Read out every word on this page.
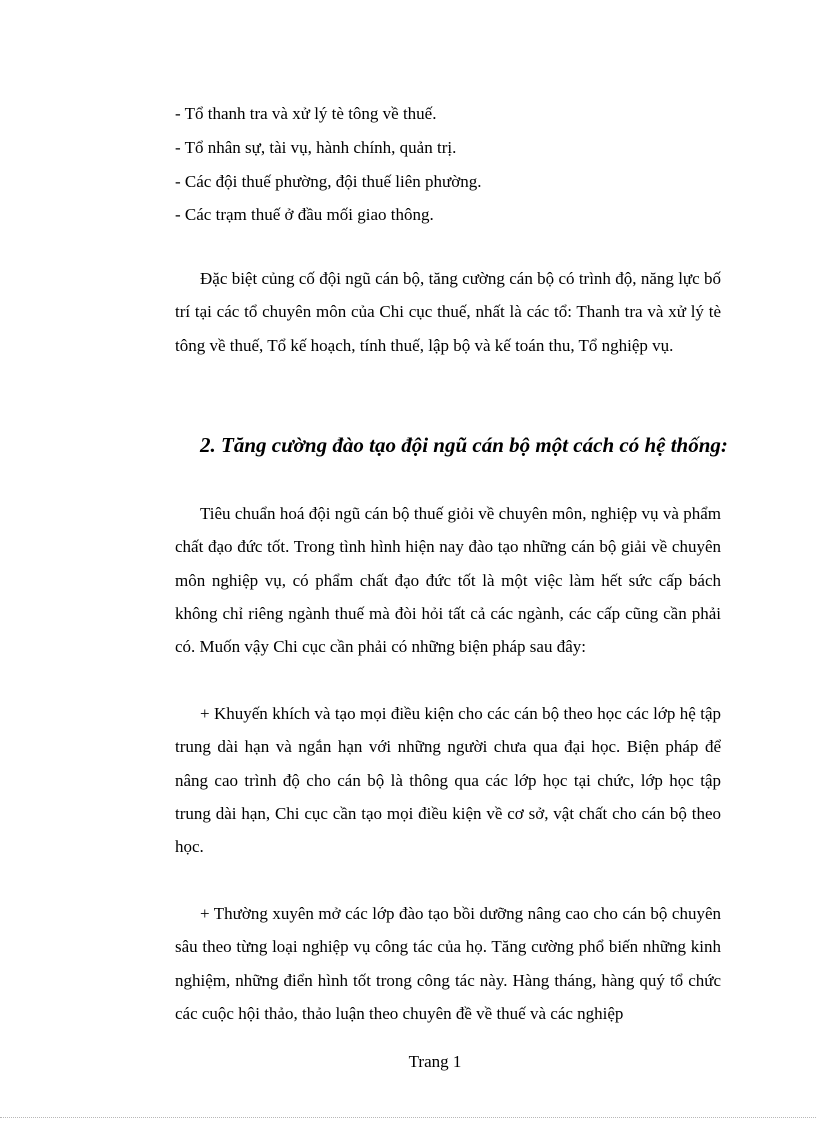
- Tổ thanh tra và xử lý tè tông về thuế.
- Tổ nhân sự, tài vụ, hành chính, quản trị.
- Các đội thuế phường, đội thuế liên phường.
- Các trạm thuế ở đầu mối giao thông.

Đặc biệt củng cố đội ngũ cán bộ, tăng cường cán bộ có trình độ, năng lực bố trí tại các tổ chuyên môn của Chi cục thuế, nhất là các tổ: Thanh tra và xử lý tè tông về thuế, Tổ kế hoạch, tính thuế, lập bộ và kế toán thu, Tổ nghiệp vụ.

2. Tăng cường đào tạo đội ngũ cán bộ một cách có hệ thống:

Tiêu chuẩn hoá đội ngũ cán bộ thuế giỏi về chuyên môn, nghiệp vụ và phẩm chất đạo đức tốt. Trong tình hình hiện nay đào tạo những cán bộ giải về chuyên môn nghiệp vụ, có phẩm chất đạo đức tốt là một việc làm hết sức cấp bách không chỉ riêng ngành thuế mà đòi hỏi tất cả các ngành, các cấp cũng cần phải có. Muốn vậy Chi cục cần phải có những biện pháp sau đây:

+ Khuyến khích và tạo mọi điều kiện cho các cán bộ theo học các lớp hệ tập trung dài hạn và ngắn hạn với những người chưa qua đại học. Biện pháp để nâng cao trình độ cho cán bộ là thông qua các lớp học tại chức, lớp học tập trung dài hạn, Chi cục cần tạo mọi điều kiện về cơ sở, vật chất cho cán bộ theo học.

+ Thường xuyên mở các lớp đào tạo bồi dưỡng nâng cao cho cán bộ chuyên sâu theo từng loại nghiệp vụ công tác của họ. Tăng cường phổ biến những kinh nghiệm, những điển hình tốt trong công tác này. Hàng tháng, hàng quý tổ chức các cuộc hội thảo, thảo luận theo chuyên đề về thuế và các nghiệp

Trang 1
